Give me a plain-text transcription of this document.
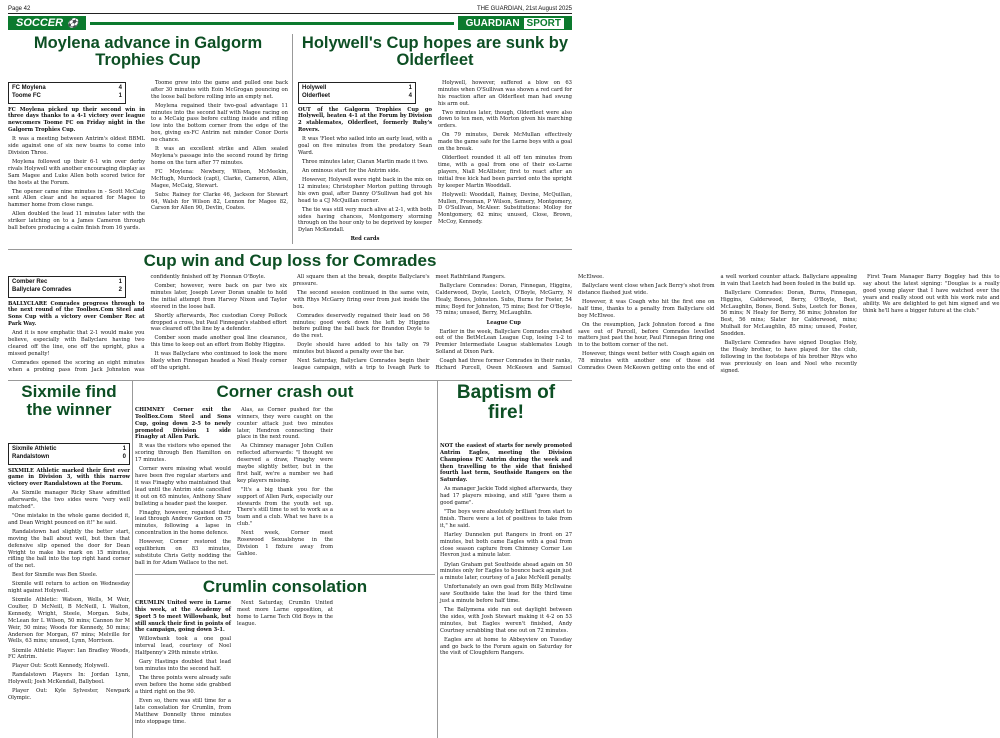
Page 42	THE GUARDIAN, 21st August 2025
SOCCER ⚽	GUARDIAN SPORT
Moylena advance in Galgorm Trophies Cup
FC Moylena	4
Toome FC	1

FC Moylena picked up their second win in three days thanks to a 4-1 victory over league newcomers Toome FC on Friday night in the Galgorm Trophies Cup.

It was a meeting between Antrim's oldest BBML side against one of six new teams to come into Division Three.

Moylena followed up their 6-1 win over derby rivals Holywell with another encouraging display as Sam Magee and Luke Allen both scored twice for the hosts at the Forum.

The opener came nine minutes in - Scott McCaig sent Allen clear and he squared for Magee to hammer home from close range.

Allen doubled the lead 11 minutes later with the striker latching on to a James Cameron through ball before producing a calm finish from 16 yards.

Toome grew into the game and pulled one back after 30 minutes with Eoin McGrogan pouncing on the loose ball before rolling into an empty net.

Moylena regained their two-goal advantage 11 minutes into the second half with Magee racing on to a McCaig pass before cutting inside and rifling low into the bottom corner from the edge of the box, giving ex-FC Antrim net minder Conor Doris no chance.

It was an excellent strike and Allen sealed Moylena's passage into the second round by firing home on the turn after 77 minutes.

FC Moylena: Newbery, Wilson, McMeekin, McHugh, Murdock (capt), Clarke, Cameron, Allen, Magee, McCaig, Stewart.

Subs: Rainey for Clarke 46, Jackson for Stewart 64, Walsh for Wilson 82, Lennon for Magee 82, Carson for Allen 90, Devlin, Coates.

Holywell's Cup hopes are sunk by Olderfleet
Holywell	1
Olderfleet	4

OUT of the Galgorm Trophies Cup go Holywell, beaten 4-1 at the Forum by Division 2 stablemates, Olderfleet, formerly Ruby's Rovers.

It was 'Fleet who sailed into an early lead, with a goal on five minutes from the predatory Sean Ward.

Three minutes later, Ciaran Martin made it two.

An ominous start for the Antrim side.

However, Holywell were right back in the mix on 12 minutes; Christopher Morton putting through his own goal, after Danny O'Sullivan had got his head to a CJ McQuillan corner.

The tie was still very much alive at 2-1, with both sides having chances, Montgomery storming through on the hour only to be deprived by keeper Dylan McKendall.

Red cards

Holywell, however, suffered a blow on 63 minutes when O'Sullivan was shown a red card for his reaction after an Olderfleet man had swung his arm out.

Two minutes later, though, Olderfleet were also down to ten men, with Morton given his marching orders.

On 79 minutes, Derek McMullan effectively made the game safe for the Larne boys with a goal on the break.

Olderfleet rounded it all off ten minutes from time, with a goal from one of their ex-Larne players, Niall McAllister, first to react after an initial free kick had been parried onto the upright by keeper Martin Wooddall.

Holywell: Wooddall, Rainey, Devine, McQuillan, Mullen, Freeman, P Wilson, Semery, Montgomery, D O'Sullivan, McAleer. Substitutions: Molloy for Montgomery, 62 mins; unused, Close, Brown, McCoy, Kennedy.

Cup win and Cup loss for Comrades
Comber Rec	1
Ballyclare Comrades	2

BALLYCLARE Comrades progress through to the next round of the Toolbox.Com Steel and Sons Cup with a victory over Comber Rec at Park Way.

And it is now emphatic that 2-1 would make you believe, especially with Ballyclare having two cleared off the line, one off the upright, plus a missed penalty!

Comrades opened the scoring an eight minutes when a probing pass from Jack Johnston was confidently finished off by Fionnan O'Boyle.

Comber, however, were back on par two six minutes later, Joseph Lever Doran unable to hold the initial attempt from Harvey Nixon and Taylor steered in the loose ball.

Shortly afterwards, Rec custodian Corey Pollock dropped a cross, but Paul Finnegan's stabbed effort was cleared off the line by a defender.

Comber soon made another goal line clearance, this time to keep out an effort from Bobby Higgins.

It was Ballyclare who continued to look the more likely when Finnegan headed a Noel Healy corner off the upright.

All square then at the break, despite Ballyclare's pressure.

The second session continued in the same vein, with Rhys McGarry firing over from just inside the box.

Comrades deservedly regained their lead on 56 minutes; good work down the left by Higgins before pulling the ball back for Brandon Doyle to do the rest.

Doyle should have added to his tally on 79 minutes but blazed a penalty over the bar.

Next Saturday, Ballyclare Comrades begin their league campaign, with a trip to Iveagh Park to meet Rathfriland Rangers.

Ballyclare Comrades: Doran, Finnegan, Higgins, Calderwood, Doyle, Leetch, O'Boyle, McGarry, N Healy, Bones, Johnston. Subs, Burns for Foster, 54 mins; Boyd for Johnston, 75 mins; Best for O'Boyle, 75 mins; unused, Berry, McLaughlin.

League Cup

Earlier in the week, Ballyclare Comrades crashed out of the BetMcLean League Cup, losing 1-2 to Premier Intermediate League stablemates Lough Solland at Dixon Park.

Coagh had three former Comrades in their ranks, Richard Purcell, Owen McKeown and Samuel McElwee.

Ballyclare went close when Jack Berry's shot from distance flashed just wide.

However, it was Coagh who hit the first one on half time, thanks to a penalty from Ballyclare old boy McElwee.

On the resumption, Jack Johnston forced a fine save out of Purcell, before Comrades levelled matters just past the hour, Paul Finnegan firing one in to the bottom corner of the net.

However, things went better with Coagh again on 78 minutes with another one of those old Comrades Owen McKeown getting onto the end of a well worked counter attack. Ballyclare appealing in vain that Leetch had been fouled in the build up.

Ballyclare Comrades: Doran, Burns, Finnegan, Higgins, Calderwood, Berry, O'Boyle, Best, McLaughlin, Bones, Bond. Subs, Leetch for Bones, 56 mins; N Healy for Berry, 56 mins; Johnston for Best, 56 mins; Slater for Calderwood, mins; Mulhall for McLaughlin, 85 mins; unused, Foster, Snodden.

Ballyclare Comrades have signed Douglas Holy, the Healy brother, to have played for the club, following in the footsteps of his brother Rhys who was previously on loan and Noel who recently signed.

First Team Manager Barry Boggley had this to say about the latest signing: "Douglas is a really good young player that I have watched over the years and really stood out with his work rate and ability. We are delighted to get him signed and we think he'll have a bigger future at the club."

Sixmile find the winner
Sixmile Athletic	1
Randalstown	0

SIXMILE Athletic marked their first ever game in Division 3, with this narrow victory over Randalstown at the Forum.

As Sixmile manager Ricky Shaw admitted afterwards, the two sides were "very well matched".

"One mistake in the whole game decided it, and Dean Wright pounced on it!" he said.

Randalstown had slightly the better start, moving the ball about well, but then that defensive slip opened the door for Dean Wright to make his mark on 15 minutes, rifling the ball into the top right hand corner of the net.

Best for Sixmile was Ben Steele.

Sixmile will return to action on Wednesday night against Holywell.

Sixmile Athletic: Watson, Wells, M Weir, Coulter, D McNeill, B McNeill, L Walton, Kennedy, Wright, Steele, Morgan. Subs, McLean for L Wilson, 50 mins; Cannon for M Weir, 50 mins; Woods for Kennedy, 50 mins; Anderson for Morgan, 67 mins; Melville for Wells, 63 mins; unused, Lynn, Morrison.

Sixmile Athletic Player: Ian Bradley Woods, FC Antrim.

Player Out: Scott Kennedy, Holywell.

Randalstown Players In: Jordan Lynn, Holywell; Josh McKendall, Ballybeel.

Player Out: Kyle Sylvester, Newpark Olympic.

Corner crash out

CHIMNEY Corner exit the ToolBox.Com Steel and Sons Cup, going down 2-5 to newly promoted Division 1 side Finaghy at Allen Park.

It was the visitors who opened the scoring through Ben Hamilton on 17 minutes.

Corner were missing what would have been five regular starters and it was Finaghy who maintained that lead until the Antrim side cancelled it out on 65 minutes, Anthony Shaw bulleting a header past the keeper.

Finaghy, however, regained their lead through Andrew Gordon on 75 minutes, following a lapse in concentration in the home defence.

However, Corner restored the equilibrium on 83 minutes, substitute Chris Getty nodding the ball in for Adam Wallace to the net.

Alas, as Corner pushed for the winners, they were caught on the counter attack just two minutes later, Hendron connecting their place in the next round.

As Chimney manager John Cullen reflected afterwards: "I thought we deserved a draw, Finaghy were maybe slightly better, but in the first half, we're a number we had key players missing.

"It's a big thank you for the support of Allen Park, especially our stewards from the youth set up. There's still time to set to work as a team and a club. What we have is a club."

Next week, Corner meet Rosewood Sexualshyne in the Division 1 fixture away from Gahlee.

Crumlin consolation

CRUMLIN United were in Larne this week, at the Academy of Sport 5 to meet Willowbank, but still snuck their first in points of the campaign, going down 3-1.

Willowbank took a one goal interval lead, courtesy of Noel Halfpenny's 29th minute strike.

Gary Hastings doubled that lead ten minutes into the second half.

The three points were already safe even before the home side grabbed a third right on the 90.

Even so, there was still time for a late consolation for Crumlin, from Matthew Donnelly three minutes into stoppage time.

Next Saturday, Crumlin United meet more Larne opposition, at home to Larne Tech Old Boys in the league.

Baptism of fire!

NOT the easiest of starts for newly promoted Antrim Eagles, meeting the Division Champions FC Antrim during the week and then travelling to the side that finished fourth last term, Southside Rangers on the Saturday.

As manager Jackie Todd sighed afterwards, they had 17 players missing, and still "gave them a good game".

"The boys were absolutely brilliant from start to finish. There were a lot of positives to take from it," he said.

Harley Dunnelen put Rangers in front on 27 minutes, but both came Eagles with a goal from close season capture from Chimney Corner Lee Hevron just a minute later.

Dylan Graham put Southside ahead again on 50 minutes only for Eagles to bounce back again just a minute later, courtesy of a Jake McNeill penalty.

Unfortunately an own goal from Billy McIlwaine saw Southside take the lead for the third time just a minute before half time.

The Ballymena side ran out daylight between the sides, with Josh Stewart making it 4-2 on 53 minutes, but Eagles weren't finished, Andy Courtney scrabbling that one out on 72 minutes.

Eagles are at home to Abbeyview on Tuesday and go back to the Forum again on Saturday for the visit of Cloughfern Rangers.
